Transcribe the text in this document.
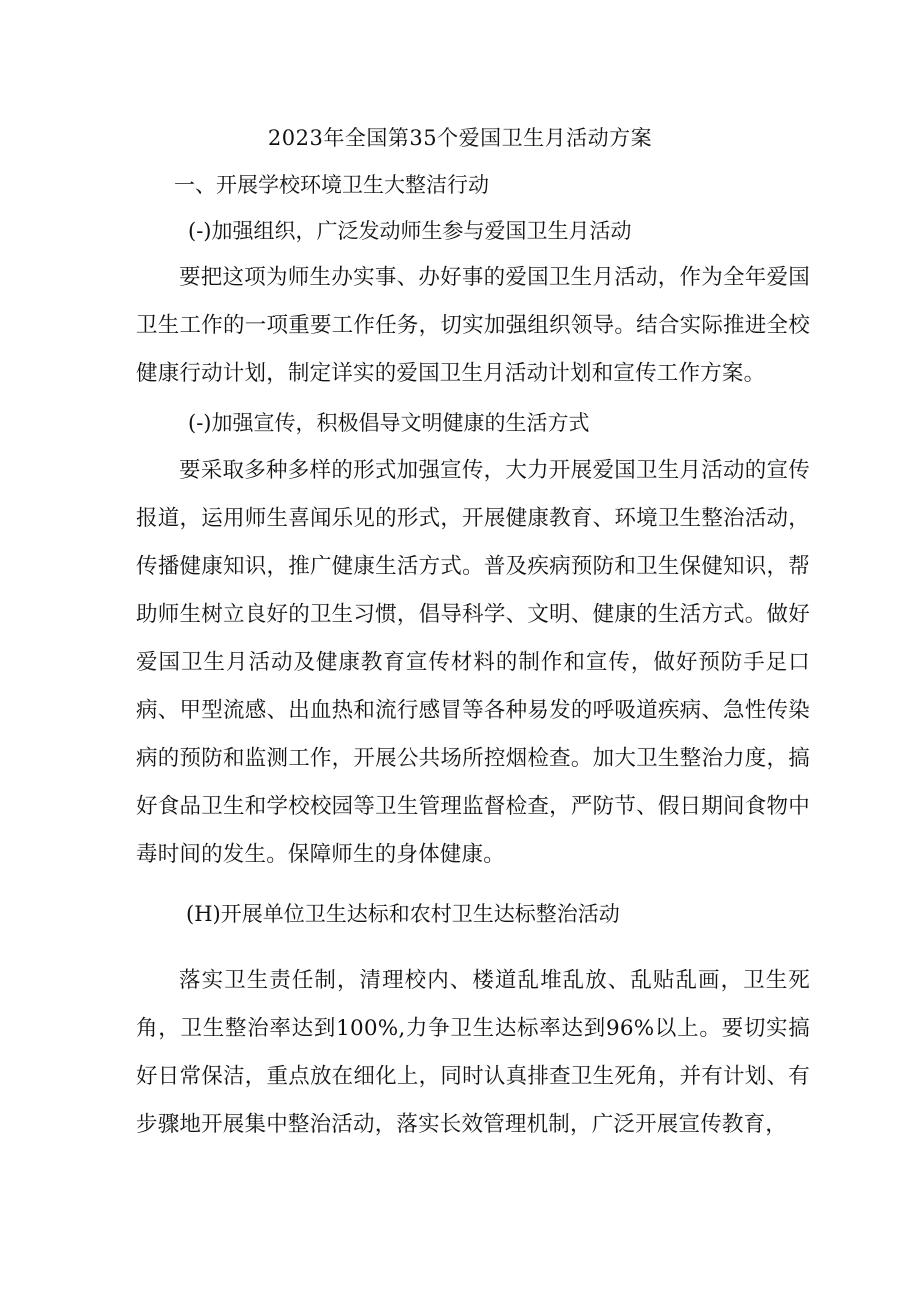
2023年全国第35个爱国卫生月活动方案
一、开展学校环境卫生大整洁行动
(-)加强组织，广泛发动师生参与爱国卫生月活动
要把这项为师生办实事、办好事的爱国卫生月活动，作为全年爱国卫生工作的一项重要工作任务，切实加强组织领导。结合实际推进全校健康行动计划，制定详实的爱国卫生月活动计划和宣传工作方案。
(-)加强宣传，积极倡导文明健康的生活方式
要采取多种多样的形式加强宣传，大力开展爱国卫生月活动的宣传报道，运用师生喜闻乐见的形式，开展健康教育、环境卫生整治活动，传播健康知识，推广健康生活方式。普及疾病预防和卫生保健知识，帮助师生树立良好的卫生习惯，倡导科学、文明、健康的生活方式。做好爱国卫生月活动及健康教育宣传材料的制作和宣传，做好预防手足口病、甲型流感、出血热和流行感冒等各种易发的呼吸道疾病、急性传染病的预防和监测工作，开展公共场所控烟检查。加大卫生整治力度，搞好食品卫生和学校校园等卫生管理监督检查，严防节、假日期间食物中毒时间的发生。保障师生的身体健康。
(H)开展单位卫生达标和农村卫生达标整治活动
落实卫生责任制，清理校内、楼道乱堆乱放、乱贴乱画，卫生死角，卫生整治率达到100%,力争卫生达标率达到96%以上。要切实搞好日常保洁，重点放在细化上，同时认真排查卫生死角，并有计划、有步骤地开展集中整治活动，落实长效管理机制，广泛开展宣传教育，
